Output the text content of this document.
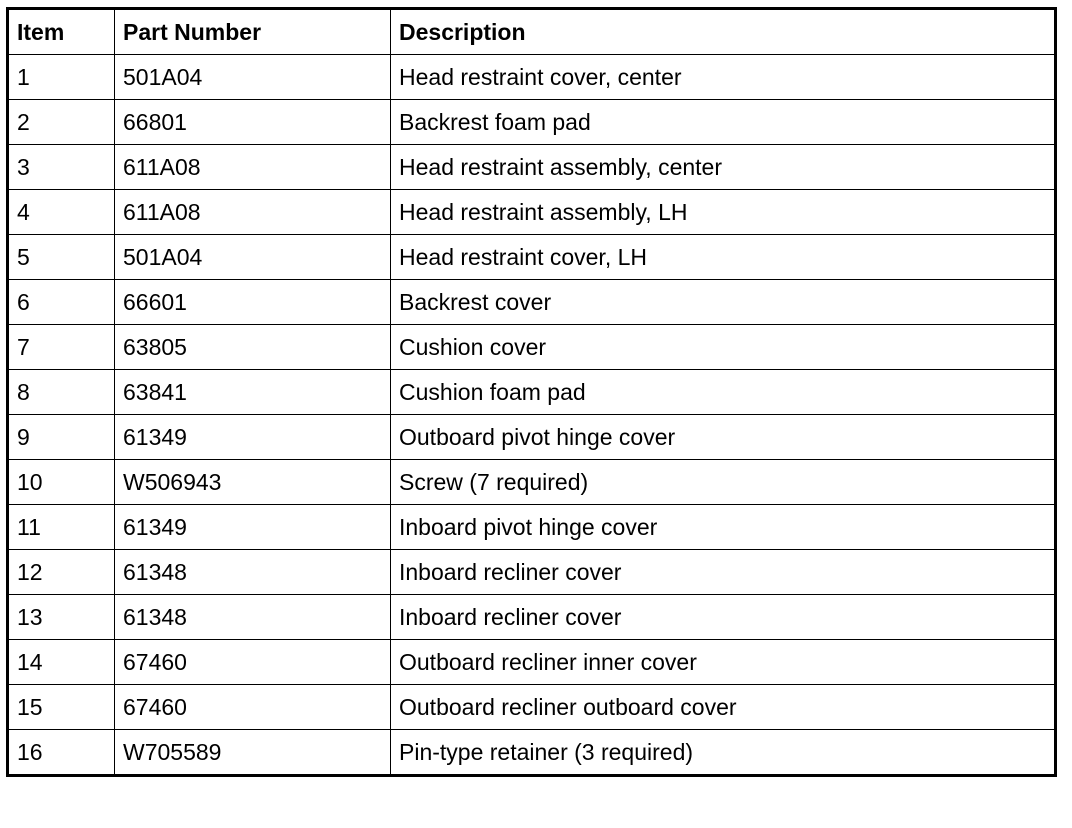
Item	Part Number	Description
1	501A04	Head restraint cover, center
2	66801	Backrest foam pad
3	611A08	Head restraint assembly, center
4	611A08	Head restraint assembly, LH
5	501A04	Head restraint cover, LH
6	66601	Backrest cover
7	63805	Cushion cover
8	63841	Cushion foam pad
9	61349	Outboard pivot hinge cover
10	W506943	Screw (7 required)
11	61349	Inboard pivot hinge cover
12	61348	Inboard recliner cover
13	61348	Inboard recliner cover
14	67460	Outboard recliner inner cover
15	67460	Outboard recliner outboard cover
16	W705589	Pin-type retainer (3 required)
